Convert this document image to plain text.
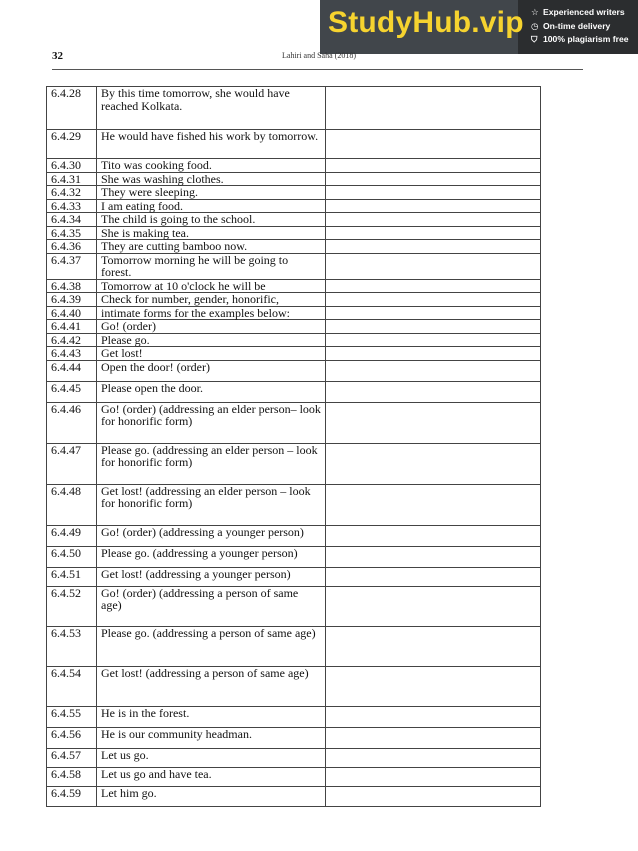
StudyHub.vip ☆ Experienced writers
◷ On-time delivery
⛉ 100% plagiarism free
32	Lahiri and Saha (2018)
6.4.28	By this time tomorrow, she would have reached Kolkata.	
6.4.29	He would have fished his work by tomorrow.	
6.4.30	Tito was cooking food.	
6.4.31	She was washing clothes.	
6.4.32	They were sleeping.	
6.4.33	I am eating food.	
6.4.34	The child is going to the school.	
6.4.35	She is making tea.	
6.4.36	They are cutting bamboo now.	
6.4.37	Tomorrow morning he will be going to forest.	
6.4.38	Tomorrow at 10 o'clock he will be	
6.4.39	Check for number, gender, honorific,	
6.4.40	intimate forms for the examples below:	
6.4.41	Go! (order)	
6.4.42	Please go.	
6.4.43	Get lost!	
6.4.44	Open the door! (order)	
6.4.45	Please open the door.	
6.4.46	Go! (order) (addressing an elder person– look for honorific form)	
6.4.47	Please go. (addressing an elder person – look for honorific form)	
6.4.48	Get lost! (addressing an elder person – look for honorific form)	
6.4.49	Go! (order) (addressing a younger person)	
6.4.50	Please go. (addressing a younger person)	
6.4.51	Get lost! (addressing a younger person)	
6.4.52	Go! (order) (addressing a person of same age)	
6.4.53	Please go. (addressing a person of same age)	
6.4.54	Get lost! (addressing a person of same age)	
6.4.55	He is in the forest.	
6.4.56	He is our community headman.	
6.4.57	Let us go.	
6.4.58	Let us go and have tea.	
6.4.59	Let him go.	
